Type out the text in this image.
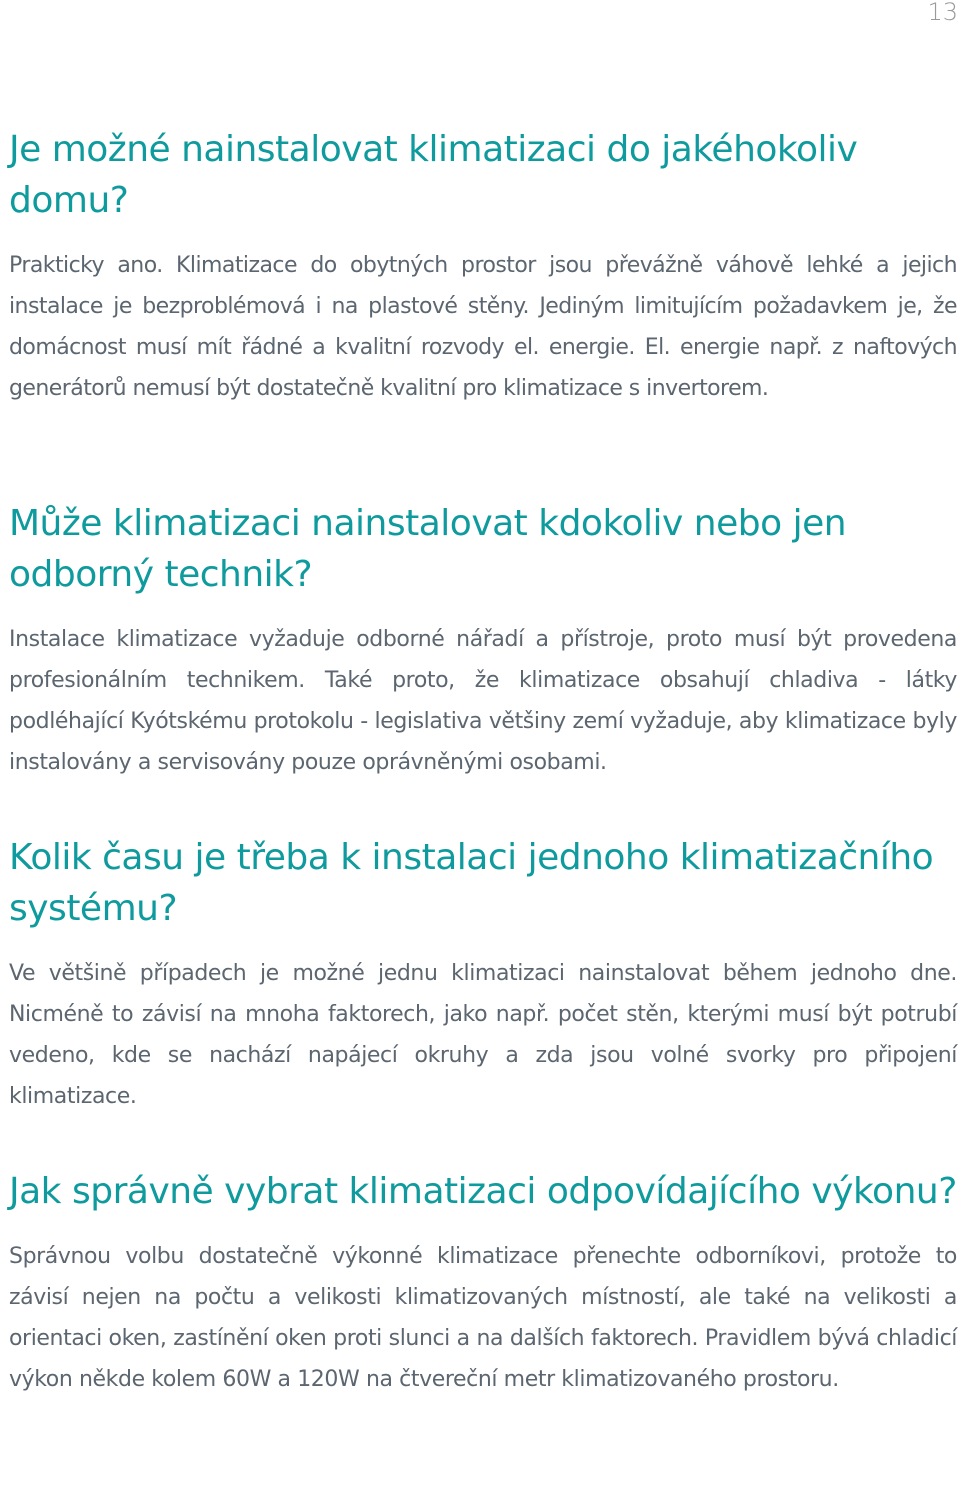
13
Je možné nainstalovat klimatizaci do jakéhokoliv domu?

Prakticky ano. Klimatizace do obytných prostor jsou převážně váhově lehké a jejich instalace je bezproblémová i na plastové stěny. Jediným limitujícím požadavkem je, že domácnost musí mít řádné a kvalitní rozvody el. energie. El. energie např. z naftových generátorů nemusí být dostatečně kvalitní pro klimatizace s invertorem.

Může klimatizaci nainstalovat kdokoliv nebo jen odborný technik?

Instalace klimatizace vyžaduje odborné nářadí a přístroje, proto musí být provedena profesionálním technikem. Také proto, že klimatizace obsahují chladiva - látky podléhající Kyótskému protokolu - legislativa většiny zemí vyžaduje, aby klimatizace byly instalovány a servisovány pouze oprávněnými osobami.

Kolik času je třeba k instalaci jednoho klimatizačního systému?

Ve většině případech je možné jednu klimatizaci nainstalovat během jednoho dne. Nicméně to závisí na mnoha faktorech, jako např. počet stěn, kterými musí být potrubí vedeno, kde se nachází napájecí okruhy a zda jsou volné svorky pro připojení klimatizace.

Jak správně vybrat klimatizaci odpovídajícího výkonu?

Správnou volbu dostatečně výkonné klimatizace přenechte odborníkovi, protože to závisí nejen na počtu a velikosti klimatizovaných místností, ale také na velikosti a orientaci oken, zastínění oken proti slunci a na dalších faktorech. Pravidlem bývá chladicí výkon někde kolem 60W a 120W na čtvereční metr klimatizovaného prostoru.
